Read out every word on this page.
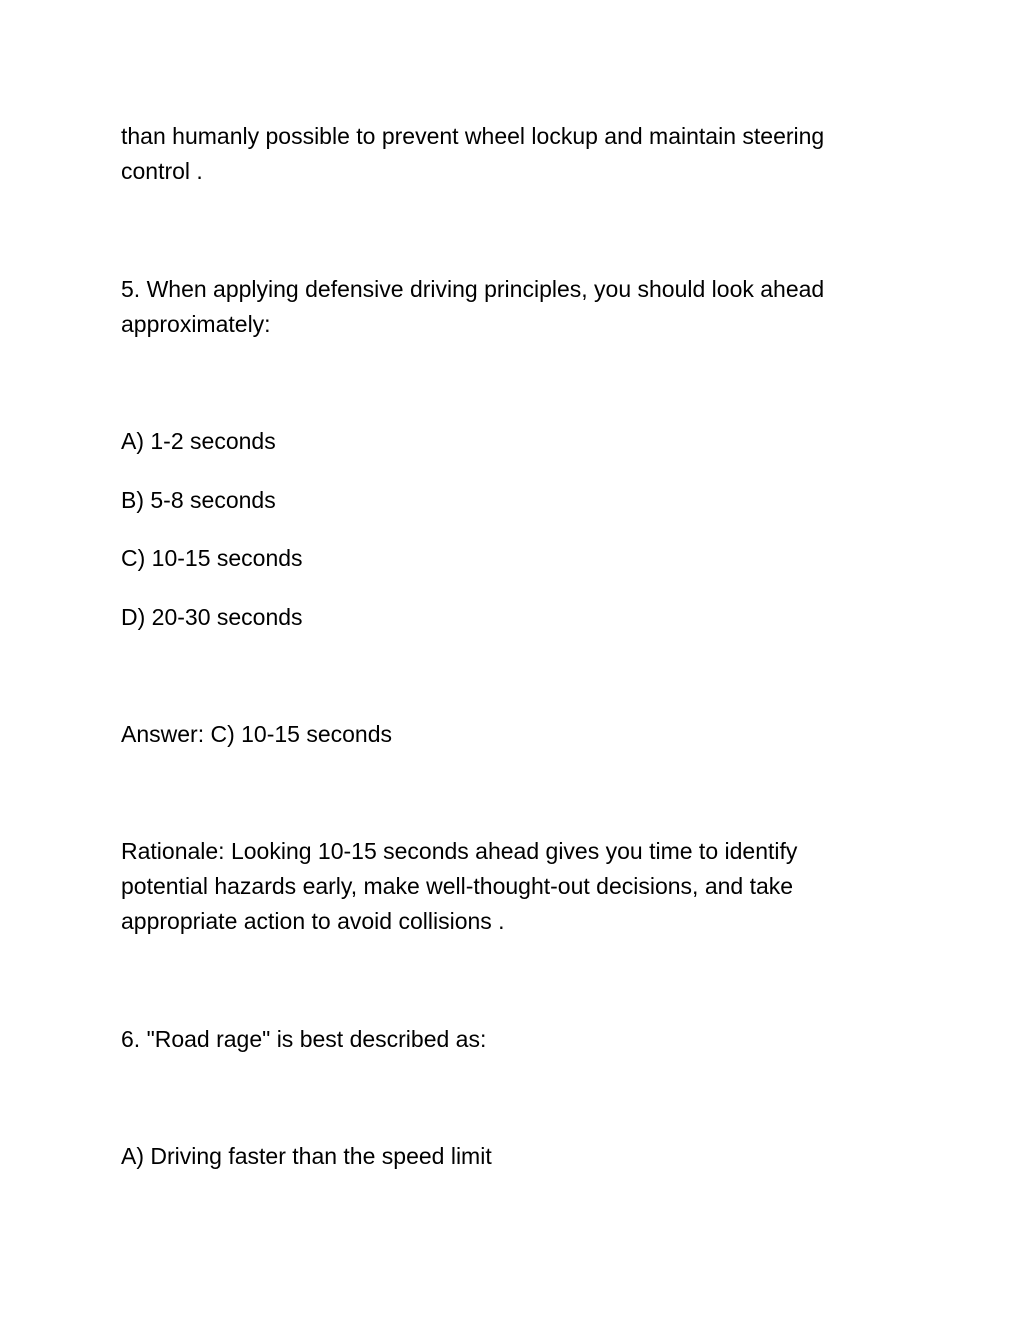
than humanly possible to prevent wheel lockup and maintain steering
control .
5. When applying defensive driving principles, you should look ahead
approximately:
A) 1-2 seconds
B) 5-8 seconds
C) 10-15 seconds
D) 20-30 seconds
Answer: C) 10-15 seconds
Rationale: Looking 10-15 seconds ahead gives you time to identify
potential hazards early, make well-thought-out decisions, and take
appropriate action to avoid collisions .
6. "Road rage" is best described as:
A) Driving faster than the speed limit
